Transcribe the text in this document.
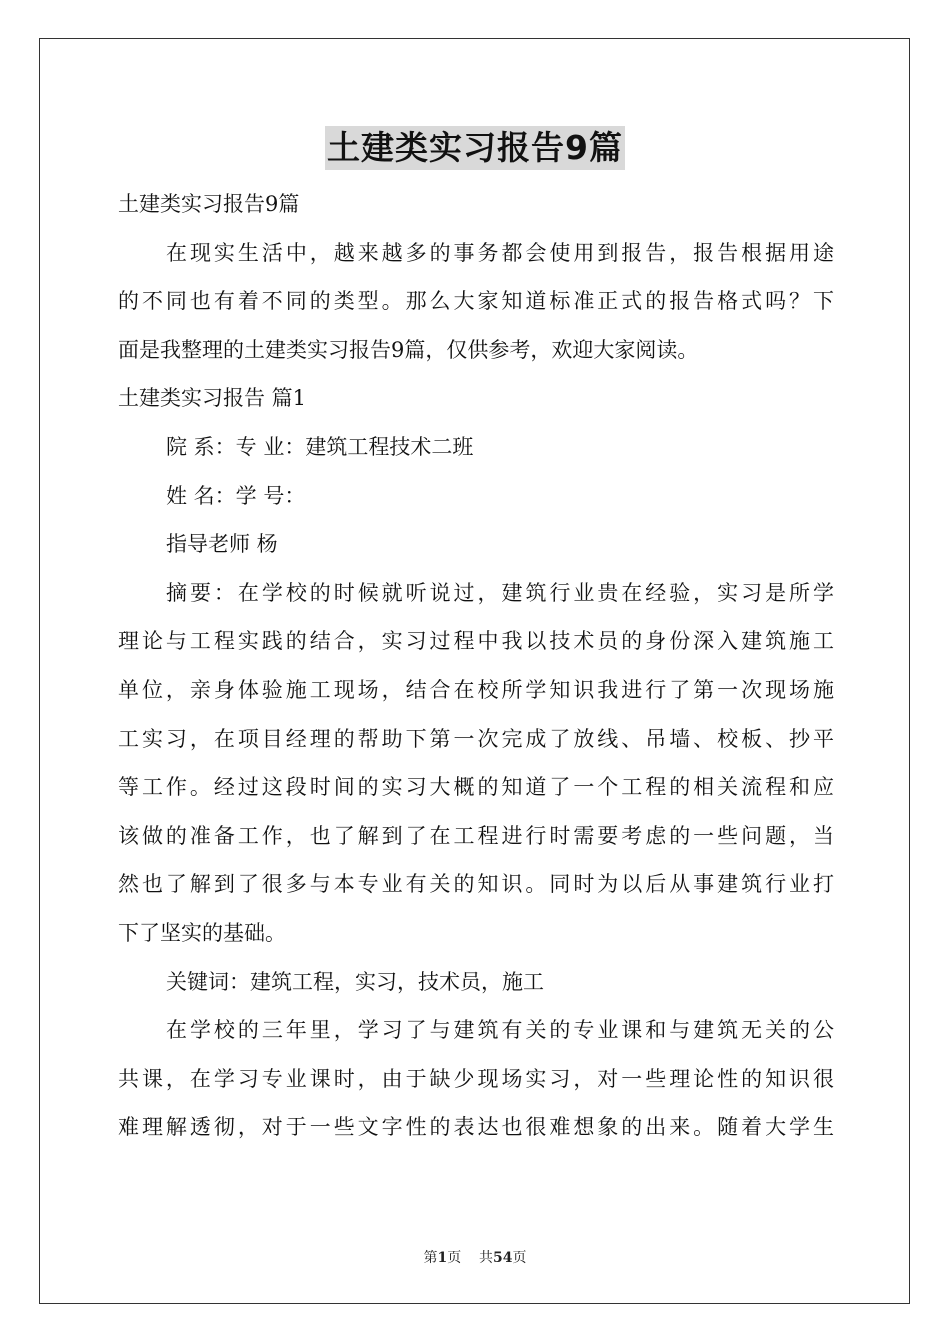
土建类实习报告9篇
土建类实习报告9篇
在现实生活中，越来越多的事务都会使用到报告，报告根据用途
的不同也有着不同的类型。那么大家知道标准正式的报告格式吗？下
面是我整理的土建类实习报告9篇，仅供参考，欢迎大家阅读。
土建类实习报告 篇1
院 系：专 业：建筑工程技术二班
姓 名：学 号：
指导老师 杨
摘要：在学校的时候就听说过，建筑行业贵在经验，实习是所学
理论与工程实践的结合，实习过程中我以技术员的身份深入建筑施工
单位，亲身体验施工现场，结合在校所学知识我进行了第一次现场施
工实习，在项目经理的帮助下第一次完成了放线、吊墙、校板、抄平
等工作。经过这段时间的实习大概的知道了一个工程的相关流程和应
该做的准备工作，也了解到了在工程进行时需要考虑的一些问题，当
然也了解到了很多与本专业有关的知识。同时为以后从事建筑行业打
下了坚实的基础。
关键词：建筑工程，实习，技术员，施工
在学校的三年里，学习了与建筑有关的专业课和与建筑无关的公
共课，在学习专业课时，由于缺少现场实习，对一些理论性的知识很
难理解透彻，对于一些文字性的表达也很难想象的出来。随着大学生
第1页 共54页
